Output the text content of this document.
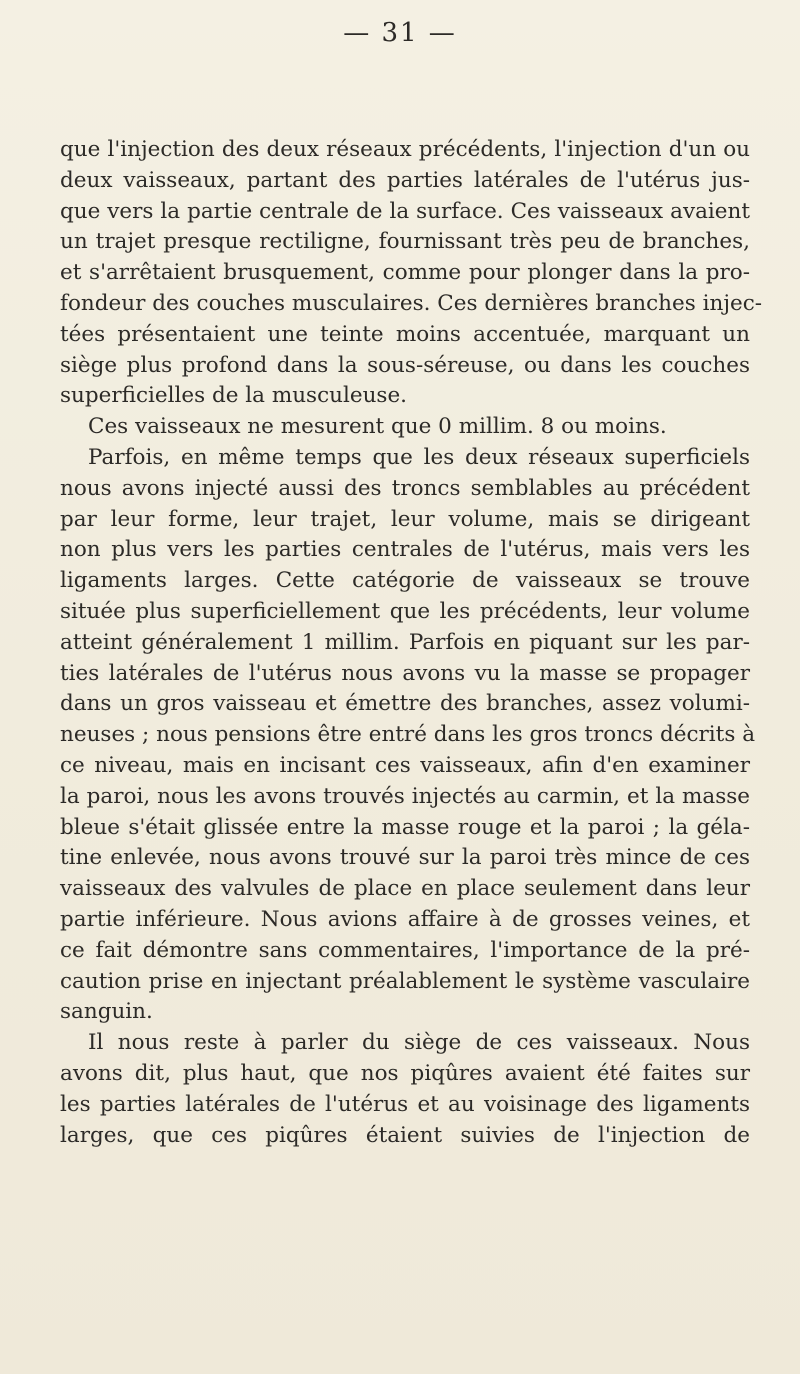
— 31 —
que l'injection des deux réseaux précédents, l'injection d'un ou
deux vaisseaux, partant des parties latérales de l'utérus jus-
que vers la partie centrale de la surface. Ces vaisseaux avaient
un trajet presque rectiligne, fournissant très peu de branches,
et s'arrêtaient brusquement, comme pour plonger dans la pro-
fondeur des couches musculaires. Ces dernières branches injec-
tées présentaient une teinte moins accentuée, marquant un
siège plus profond dans la sous-séreuse, ou dans les couches
superficielles de la musculeuse.
Ces vaisseaux ne mesurent que 0 millim. 8 ou moins.
Parfois, en même temps que les deux réseaux superficiels
nous avons injecté aussi des troncs semblables au précédent
par leur forme, leur trajet, leur volume, mais se dirigeant
non plus vers les parties centrales de l'utérus, mais vers les
ligaments larges. Cette catégorie de vaisseaux se trouve
située plus superficiellement que les précédents, leur volume
atteint généralement 1 millim. Parfois en piquant sur les par-
ties latérales de l'utérus nous avons vu la masse se propager
dans un gros vaisseau et émettre des branches, assez volumi-
neuses ; nous pensions être entré dans les gros troncs décrits à
ce niveau, mais en incisant ces vaisseaux, afin d'en examiner
la paroi, nous les avons trouvés injectés au carmin, et la masse
bleue s'était glissée entre la masse rouge et la paroi ; la géla-
tine enlevée, nous avons trouvé sur la paroi très mince de ces
vaisseaux des valvules de place en place seulement dans leur
partie inférieure. Nous avions affaire à de grosses veines, et
ce fait démontre sans commentaires, l'importance de la pré-
caution prise en injectant préalablement le système vasculaire
sanguin.
Il nous reste à parler du siège de ces vaisseaux. Nous
avons dit, plus haut, que nos piqûres avaient été faites sur
les parties latérales de l'utérus et au voisinage des ligaments
larges, que ces piqûres étaient suivies de l'injection de
